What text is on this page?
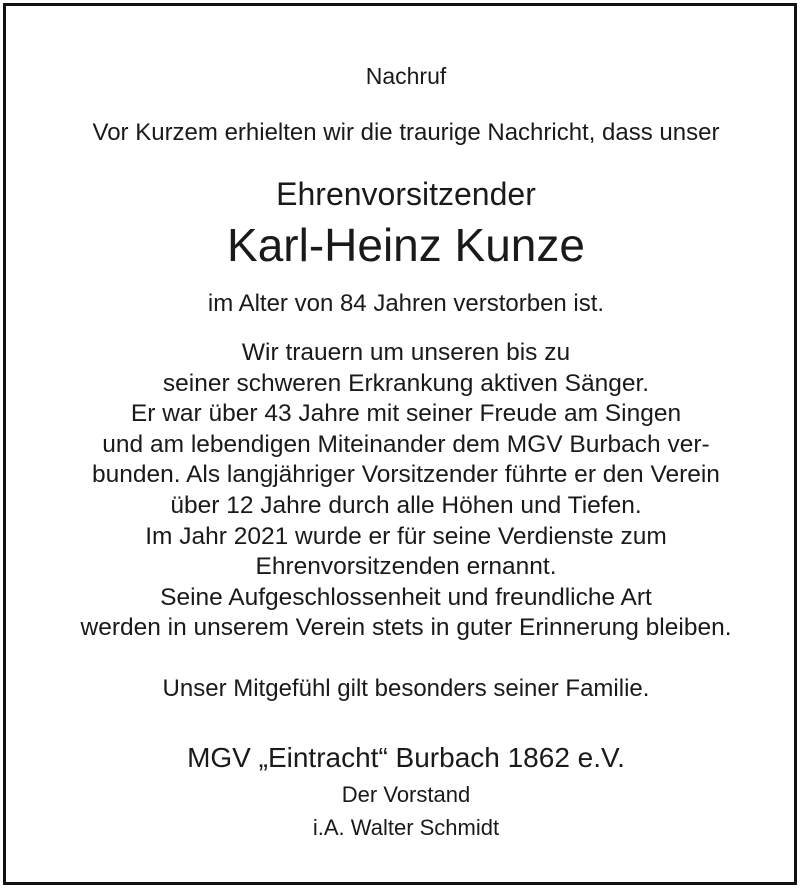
Nachruf
Vor Kurzem erhielten wir die traurige Nachricht, dass unser
Ehrenvorsitzender
Karl-Heinz Kunze
im Alter von 84 Jahren verstorben ist.
Wir trauern um unseren bis zu
seiner schweren Erkrankung aktiven Sänger.
Er war über 43 Jahre mit seiner Freude am Singen
und am lebendigen Miteinander dem MGV Burbach ver-
bunden. Als langjähriger Vorsitzender führte er den Verein
über 12 Jahre durch alle Höhen und Tiefen.
Im Jahr 2021 wurde er für seine Verdienste zum
Ehrenvorsitzenden ernannt.
Seine Aufgeschlossenheit und freundliche Art
werden in unserem Verein stets in guter Erinnerung bleiben.
Unser Mitgefühl gilt besonders seiner Familie.
MGV „Eintracht“ Burbach 1862 e.V.
Der Vorstand
i.A. Walter Schmidt
